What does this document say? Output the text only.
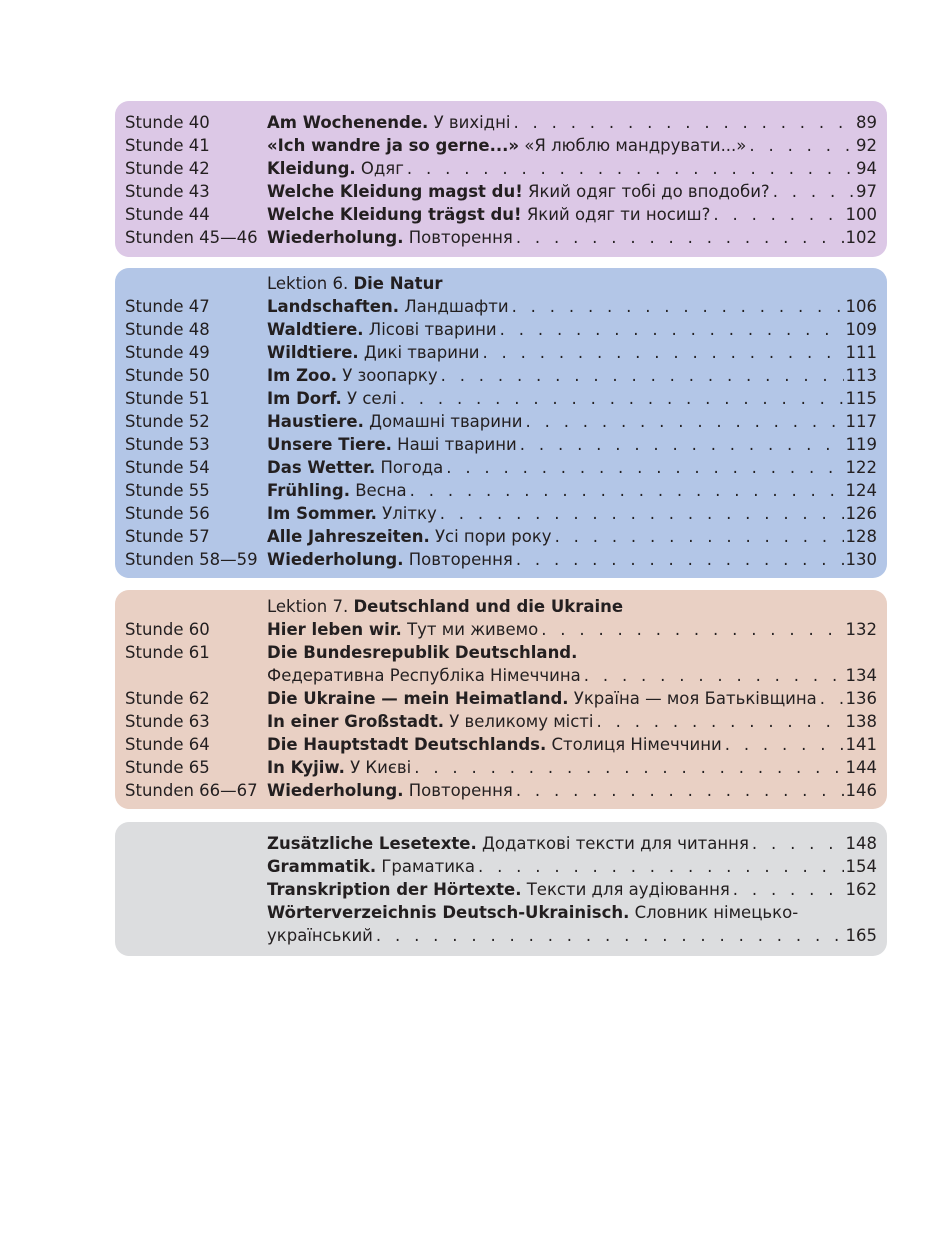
Stunde 40	Am Wochenende. У вихідні . . .	89
Stunde 41	«Ich wandre ja so gerne...» «Я люблю мандрувати...» . . .	92
Stunde 42	Kleidung. Одяг . . .	94
Stunde 43	Welche Kleidung magst du! Який одяг тобі до вподоби? . . .	97
Stunde 44	Welche Kleidung trägst du! Який одяг ти носиш? . . .	100
Stunden 45—46 Wiederholung. Повторення . . .	102
Lektion 6. Die Natur
Stunde 47	Landschaften. Ландшафти . . .	106
Stunde 48	Waldtiere. Лісові тварини . . .	109
Stunde 49	Wildtiere. Дикі тварини . . .	111
Stunde 50	Im Zoo. У зоопарку . . .	113
Stunde 51	Im Dorf. У селі . . .	115
Stunde 52	Haustiere. Домашні тварини . . .	117
Stunde 53	Unsere Tiere. Наші тварини . . .	119
Stunde 54	Das Wetter. Погода . . .	122
Stunde 55	Frühling. Весна . . .	124
Stunde 56	Im Sommer. Улітку . . .	126
Stunde 57	Alle Jahreszeiten. Усі пори року . . .	128
Stunden 58—59 Wiederholung. Повторення . . .	130
Lektion 7. Deutschland und die Ukraine
Stunde 60	Hier leben wir. Тут ми живемо . . .	132
Stunde 61	Die Bundesrepublik Deutschland.
Федеративна Республіка Німеччина . . .	134
Stunde 62	Die Ukraine — mein Heimatland. Україна — моя Батьківщина . . . 136
Stunde 63	In einer Großstadt. У великому місті . . .	138
Stunde 64	Die Hauptstadt Deutschlands. Столиця Німеччини . . .	141
Stunde 65	In Kyjiw. У Києві . . .	144
Stunden 66—67 Wiederholung. Повторення . . .	146
Zusätzliche Lesetexte. Додаткові тексти для читання . . .	148
Grammatik. Граматика . . .	154
Transkription der Hörtexte. Тексти для аудіювання . . .	162
Wörterverzeichnis Deutsch-Ukrainisch. Словник німецько-
український . . .	165
